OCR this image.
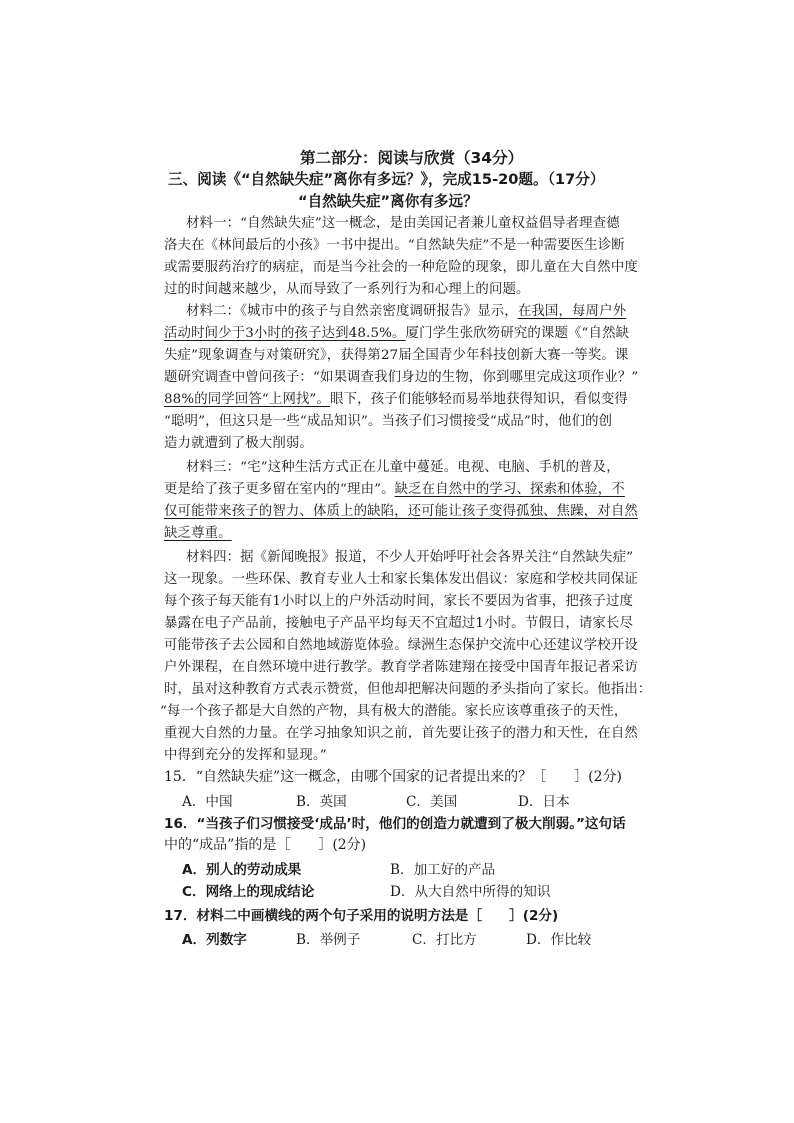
第二部分：阅读与欣赏（34分）
三、阅读《“自然缺失症”离你有多远？》，完成15-20题。（17分）
“自然缺失症”离你有多远？
材料一：“自然缺失症”这一概念，是由美国记者兼儿童权益倡导者理查德
洛夫在《林间最后的小孩》一书中提出。“自然缺失症”不是一种需要医生诊断
或需要服药治疗的病症，而是当今社会的一种危险的现象，即儿童在大自然中度
过的时间越来越少，从而导致了一系列行为和心理上的问题。
材料二：《城市中的孩子与自然亲密度调研报告》显示，在我国，每周户外
活动时间少于3小时的孩子达到48.5%。厦门学生张欣笏研究的课题《“自然缺
失症”现象调查与对策研究》，获得第27届全国青少年科技创新大赛一等奖。课
题研究调查中曾问孩子：“如果调查我们身边的生物，你到哪里完成这项作业？”
88%的同学回答“上网找”。眼下，孩子们能够轻而易举地获得知识，看似变得
“聪明”，但这只是一些“成品知识”。当孩子们习惯接受“成品”时，他们的创
造力就遭到了极大削弱。
材料三：“宅”这种生活方式正在儿童中蔓延。电视、电脑、手机的普及，
更是给了孩子更多留在室内的“理由”。缺乏在自然中的学习、探索和体验，不
仅可能带来孩子的智力、体质上的缺陷，还可能让孩子变得孤独、焦躁，对自然
缺乏尊重。
材料四：据《新闻晚报》报道，不少人开始呼吁社会各界关注“自然缺失症”
这一现象。一些环保、教育专业人士和家长集体发出倡议：家庭和学校共同保证
每个孩子每天能有1小时以上的户外活动时间，家长不要因为省事，把孩子过度
暴露在电子产品前，接触电子产品平均每天不宜超过1小时。节假日，请家长尽
可能带孩子去公园和自然地域游览体验。绿洲生态保护交流中心还建议学校开设
户外课程，在自然环境中进行教学。教育学者陈建翔在接受中国青年报记者采访
时，虽对这种教育方式表示赞赏，但他却把解决问题的矛头指向了家长。他指出：
“每一个孩子都是大自然的产物，具有极大的潜能。家长应该尊重孩子的天性，
重视大自然的力量。在学习抽象知识之前，首先要让孩子的潜力和天性，在自然
中得到充分的发挥和显现。”
15．“自然缺失症”这一概念，由哪个国家的记者提出来的？［　　］(2分)
A．中国	B．英国	C．美国	D．日本
16．“当孩子们习惯接受‘成品’时，他们的创造力就遭到了极大削弱。”这句话
中的“成品”指的是［　　］(2分)
A．别人的劳动成果	B．加工好的产品
C．网络上的现成结论	D．从大自然中所得的知识
17．材料二中画横线的两个句子采用的说明方法是［　　］(2分)
A．列数字	B．举例子	C．打比方	D．作比较
